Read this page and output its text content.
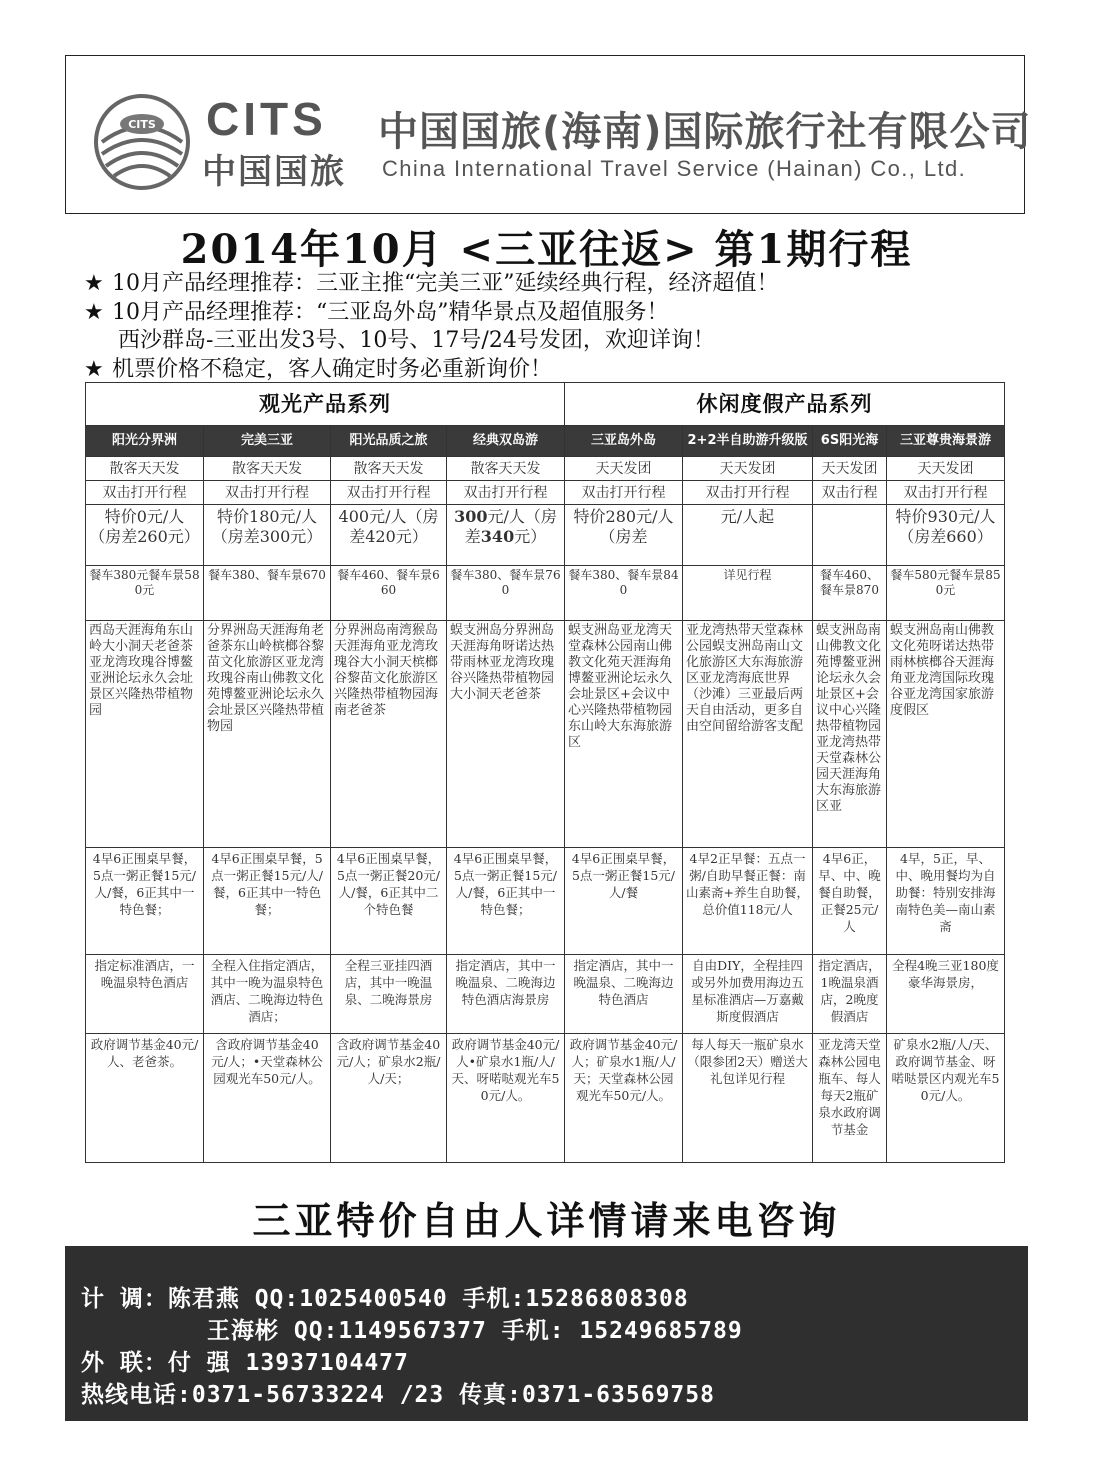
CITS CITS
中国国旅
中国国旅(海南)国际旅行社有限公司
China International Travel Service (Hainan) Co., Ltd.
2014年10月 <三亚往返> 第1期行程
★ 10月产品经理推荐：三亚主推“完美三亚”延续经典行程，经济超值！
★ 10月产品经理推荐：“三亚岛外岛”精华景点及超值服务！
西沙群岛-三亚出发3号、10号、17号/24号发团，欢迎详询！
★ 机票价格不稳定，客人确定时务必重新询价！
观光产品系列				休闲度假产品系列			
阳光分界洲	完美三亚	阳光品质之旅	经典双岛游	三亚岛外岛	2+2半自助游升级版	6S阳光海	三亚尊贵海景游
散客天天发	散客天天发	散客天天发	散客天天发	天天发团	天天发团	天天发团	天天发团
双击打开行程	双击打开行程	双击打开行程	双击打开行程	双击打开行程	双击打开行程	双击行程	双击打开行程
特价0元/人（房差260元）	特价180元/人（房差300元）	400元/人（房差420元）	300元/人（房差340元）	特价280元/人（房差	元/人起		特价930元/人（房差660）
餐车380元餐车景580元	餐车380、餐车景670	餐车460、餐车景660	餐车380、餐车景760	餐车380、餐车景840	详见行程	餐车460、餐车景870	餐车580元餐车景850元
西岛天涯海角东山岭大小洞天老爸茶亚龙湾玫瑰谷博鳌亚洲论坛永久会址景区兴隆热带植物园	分界洲岛天涯海角老爸茶东山岭槟榔谷黎苗文化旅游区亚龙湾玫瑰谷南山佛教文化苑博鳌亚洲论坛永久会址景区兴隆热带植物园	分界洲岛南湾猴岛天涯海角亚龙湾玫瑰谷大小洞天槟榔谷黎苗文化旅游区兴隆热带植物园海南老爸茶	蜈支洲岛分界洲岛天涯海角呀诺达热带雨林亚龙湾玫瑰谷兴隆热带植物园大小洞天老爸茶	蜈支洲岛亚龙湾天堂森林公园南山佛教文化苑天涯海角博鳌亚洲论坛永久会址景区+会议中心兴隆热带植物园东山岭大东海旅游区	亚龙湾热带天堂森林公园蜈支洲岛南山文化旅游区大东海旅游区亚龙湾海底世界（沙滩）三亚最后两天自由活动，更多自由空间留给游客支配	蜈支洲岛南山佛教文化苑博鳌亚洲论坛永久会址景区+会议中心兴隆热带植物园亚龙湾热带天堂森林公园天涯海角大东海旅游区亚	蜈支洲岛南山佛教文化苑呀诺达热带雨林槟榔谷天涯海角亚龙湾国际玫瑰谷亚龙湾国家旅游度假区
4早6正围桌早餐，5点一粥正餐15元/人/餐，6正其中一特色餐；	4早6正围桌早餐，5点一粥正餐15元/人/餐，6正其中一特色餐；	4早6正围桌早餐，5点一粥正餐20元/人/餐，6正其中二个特色餐	4早6正围桌早餐，5点一粥正餐15元/人/餐，6正其中一特色餐；	4早6正围桌早餐，5点一粥正餐15元/人/餐	4早2正早餐：五点一粥/自助早餐正餐：南山素斋+养生自助餐，总价值118元/人	4早6正，早、中、晚餐自助餐，正餐25元/人	4早，5正，早、中、晚用餐均为自助餐：特别安排海南特色美—南山素斋
指定标准酒店，一晚温泉特色酒店	全程入住指定酒店，其中一晚为温泉特色酒店、二晚海边特色酒店；	全程三亚挂四酒店，其中一晚温泉、二晚海景房	指定酒店，其中一晚温泉、二晚海边特色酒店海景房	指定酒店，其中一晚温泉、二晚海边特色酒店	自由DIY，全程挂四或另外加费用海边五星标准酒店—万嘉戴斯度假酒店	指定酒店，1晚温泉酒店，2晚度假酒店	全程4晚三亚180度豪华海景房，
政府调节基金40元/人、老爸茶。	含政府调节基金40元/人；•天堂森林公园观光车50元/人。	含政府调节基金40元/人；矿泉水2瓶/人/天；	政府调节基金40元/人•矿泉水1瓶/人/天、呀喏哒观光车50元/人。	政府调节基金40元/人；矿泉水1瓶/人/天；天堂森林公园观光车50元/人。	每人每天一瓶矿泉水（限参团2天）赠送大礼包详见行程	亚龙湾天堂森林公园电瓶车、每人每天2瓶矿泉水政府调节基金	矿泉水2瓶/人/天、政府调节基金、呀喏哒景区内观光车50元/人。
三亚特价自由人详情请来电咨询
计 调：陈君燕 QQ:1025400540 手机:15286808308
王海彬 QQ:1149567377 手机: 15249685789
外 联：付 强 13937104477
热线电话:0371-56733224 /23 传真:0371-63569758
